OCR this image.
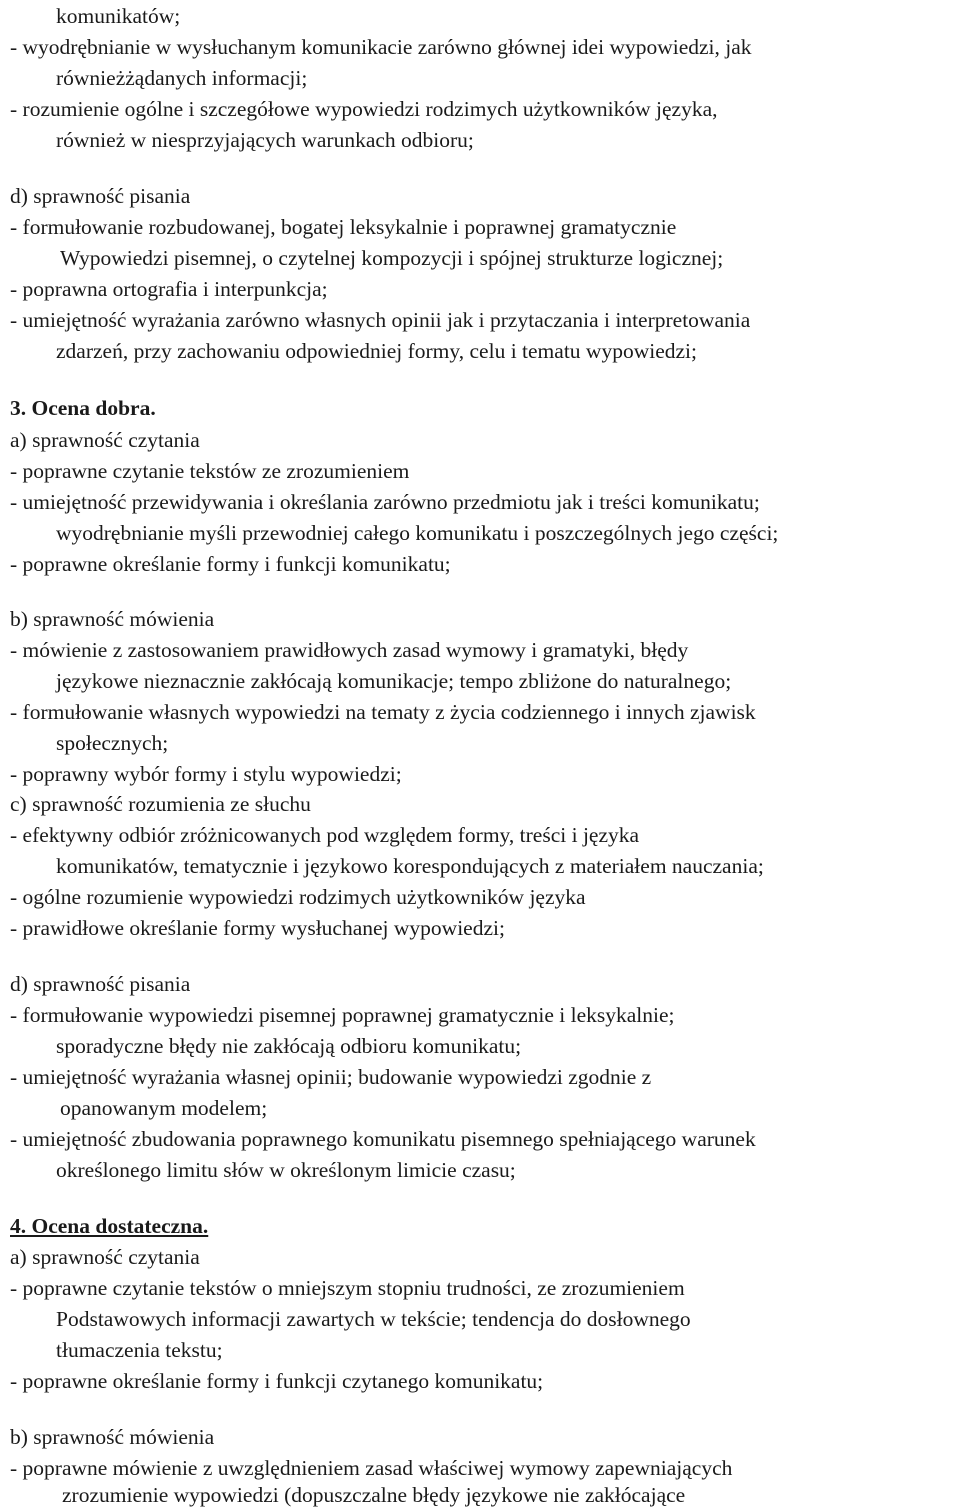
komunikatów;
- wyodrębnianie w wysłuchanym komunikacie zarówno głównej idei wypowiedzi, jak
równieżżądanych informacji;
- rozumienie ogólne i szczegółowe wypowiedzi rodzimych użytkowników języka,
również w niesprzyjających warunkach odbioru;
d) sprawność pisania
- formułowanie rozbudowanej, bogatej leksykalnie i poprawnej gramatycznie
Wypowiedzi pisemnej, o czytelnej kompozycji i spójnej strukturze logicznej;
- poprawna ortografia i interpunkcja;
- umiejętność wyrażania zarówno własnych opinii jak i przytaczania i interpretowania
zdarzeń, przy zachowaniu odpowiedniej formy, celu i tematu wypowiedzi;
3. Ocena dobra.
a) sprawność czytania
- poprawne czytanie tekstów ze zrozumieniem
- umiejętność przewidywania i określania zarówno przedmiotu jak i treści komunikatu;
wyodrębnianie myśli przewodniej całego komunikatu i poszczególnych jego części;
- poprawne określanie formy i funkcji komunikatu;
b) sprawność mówienia
- mówienie z zastosowaniem prawidłowych zasad wymowy i gramatyki, błędy
językowe nieznacznie zakłócają komunikacje; tempo zbliżone do naturalnego;
- formułowanie własnych wypowiedzi na tematy z życia codziennego i innych zjawisk
społecznych;
- poprawny wybór formy i stylu wypowiedzi;
c) sprawność rozumienia ze słuchu
- efektywny odbiór zróżnicowanych pod względem formy, treści i języka
komunikatów, tematycznie i językowo korespondujących z materiałem nauczania;
- ogólne rozumienie wypowiedzi rodzimych użytkowników języka
- prawidłowe określanie formy wysłuchanej wypowiedzi;
d) sprawność pisania
- formułowanie wypowiedzi pisemnej poprawnej gramatycznie i leksykalnie;
sporadyczne błędy nie zakłócają odbioru komunikatu;
- umiejętność wyrażania własnej opinii; budowanie wypowiedzi zgodnie z
opanowanym modelem;
- umiejętność zbudowania poprawnego komunikatu pisemnego spełniającego warunek
określonego limitu słów w określonym limicie czasu;
4. Ocena dostateczna.
a) sprawność czytania
- poprawne czytanie tekstów o mniejszym stopniu trudności, ze zrozumieniem
Podstawowych informacji zawartych w tekście; tendencja do dosłownego
tłumaczenia tekstu;
- poprawne określanie formy i funkcji czytanego komunikatu;
b) sprawność mówienia
- poprawne mówienie z uwzględnieniem zasad właściwej wymowy zapewniających
zrozumienie wypowiedzi (dopuszczalne błędy językowe nie zakłócające
